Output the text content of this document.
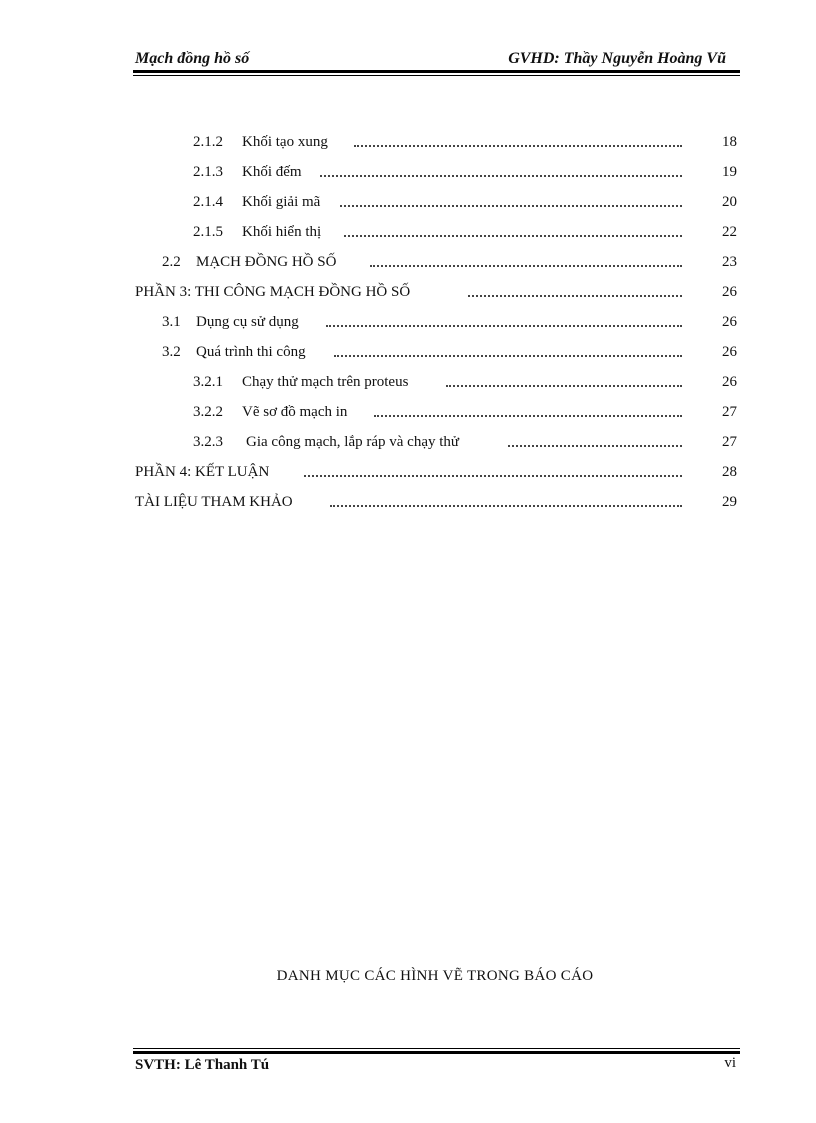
Mạch đồng hồ số	GVHD: Thầy Nguyễn Hoàng Vũ
2.1.2 Khối tạo xung	18
2.1.3 Khối đếm	19
2.1.4 Khối giải mã	20
2.1.5 Khối hiển thị	22
2.2 MẠCH ĐỒNG HỒ SỐ	23
PHẦN 3: THI CÔNG MẠCH ĐỒNG HỒ SỐ	26
3.1 Dụng cụ sử dụng	26
3.2 Quá trình thi công	26
3.2.1 Chạy thử mạch trên proteus	26
3.2.2 Vẽ sơ đồ mạch in	27
3.2.3 Gia công mạch, lắp ráp và chạy thử	27
PHẦN 4: KẾT LUẬN	28
TÀI LIỆU THAM KHẢO	29
DANH MỤC CÁC HÌNH VẼ TRONG BÁO CÁO
SVTH: Lê Thanh Tú	vi
